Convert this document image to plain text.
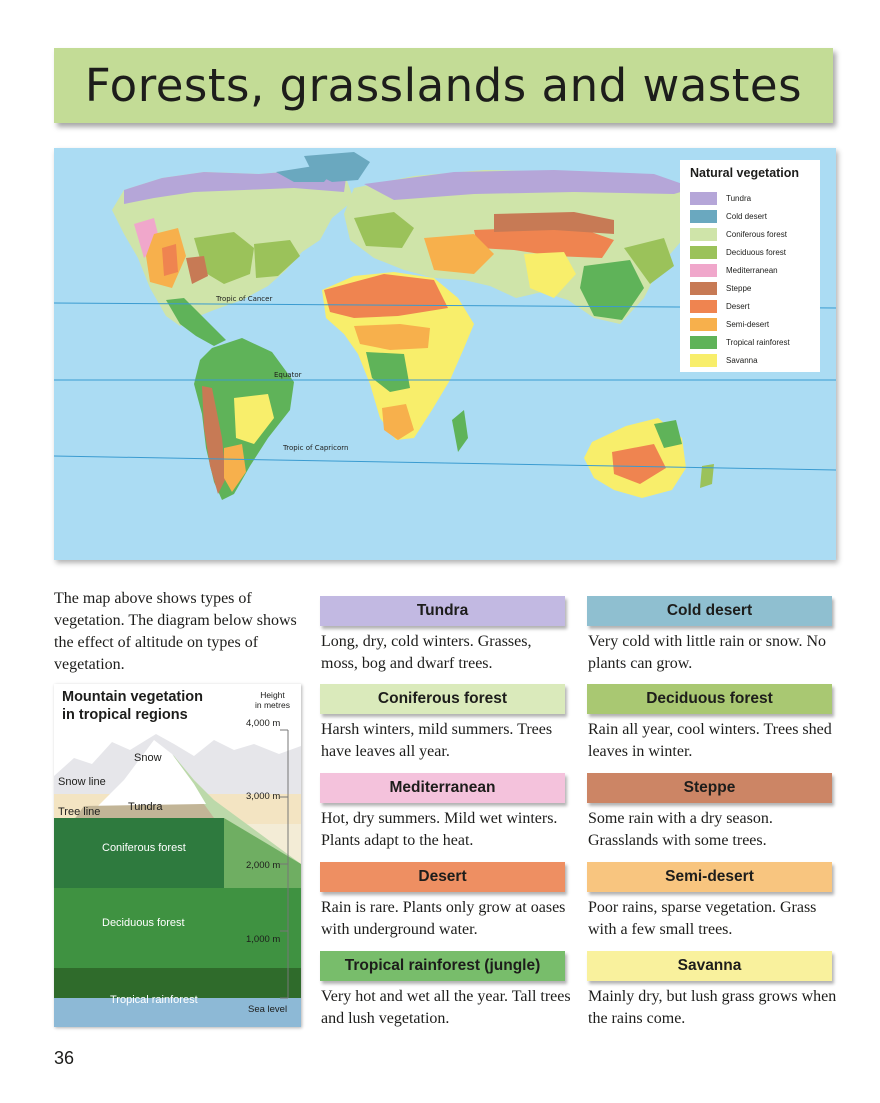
Forests, grasslands and wastes
Tropic of Cancer
Equator
Tropic of Capricorn
Natural vegetation
Tundra
Cold desert
Coniferous forest
Deciduous forest
Mediterranean
Steppe
Desert
Semi-desert
Tropical rainforest
Savanna
The map above shows types of vegetation. The diagram below shows the effect of altitude on types of vegetation.
Mountain vegetation
in tropical regions
Height
in metres
4,000 m
3,000 m
2,000 m
1,000 m
Sea level
Snow
Snow line
Tree line	Tundra
Coniferous forest
Deciduous forest
Tropical rainforest
Tundra
Long, dry, cold winters. Grasses, moss, bog and dwarf trees.
Cold desert
Very cold with little rain or snow. No plants can grow.
Coniferous forest
Harsh winters, mild summers. Trees have leaves all year.
Deciduous forest
Rain all year, cool winters. Trees shed leaves in winter.
Mediterranean
Hot, dry summers. Mild wet winters. Plants adapt to the heat.
Steppe
Some rain with a dry season. Grasslands with some trees.
Desert
Rain is rare. Plants only grow at oases with underground water.
Semi-desert
Poor rains, sparse vegetation. Grass with a few small trees.
Tropical rainforest (jungle)
Very hot and wet all the year. Tall trees and lush vegetation.
Savanna
Mainly dry, but lush grass grows when the rains come.
36
